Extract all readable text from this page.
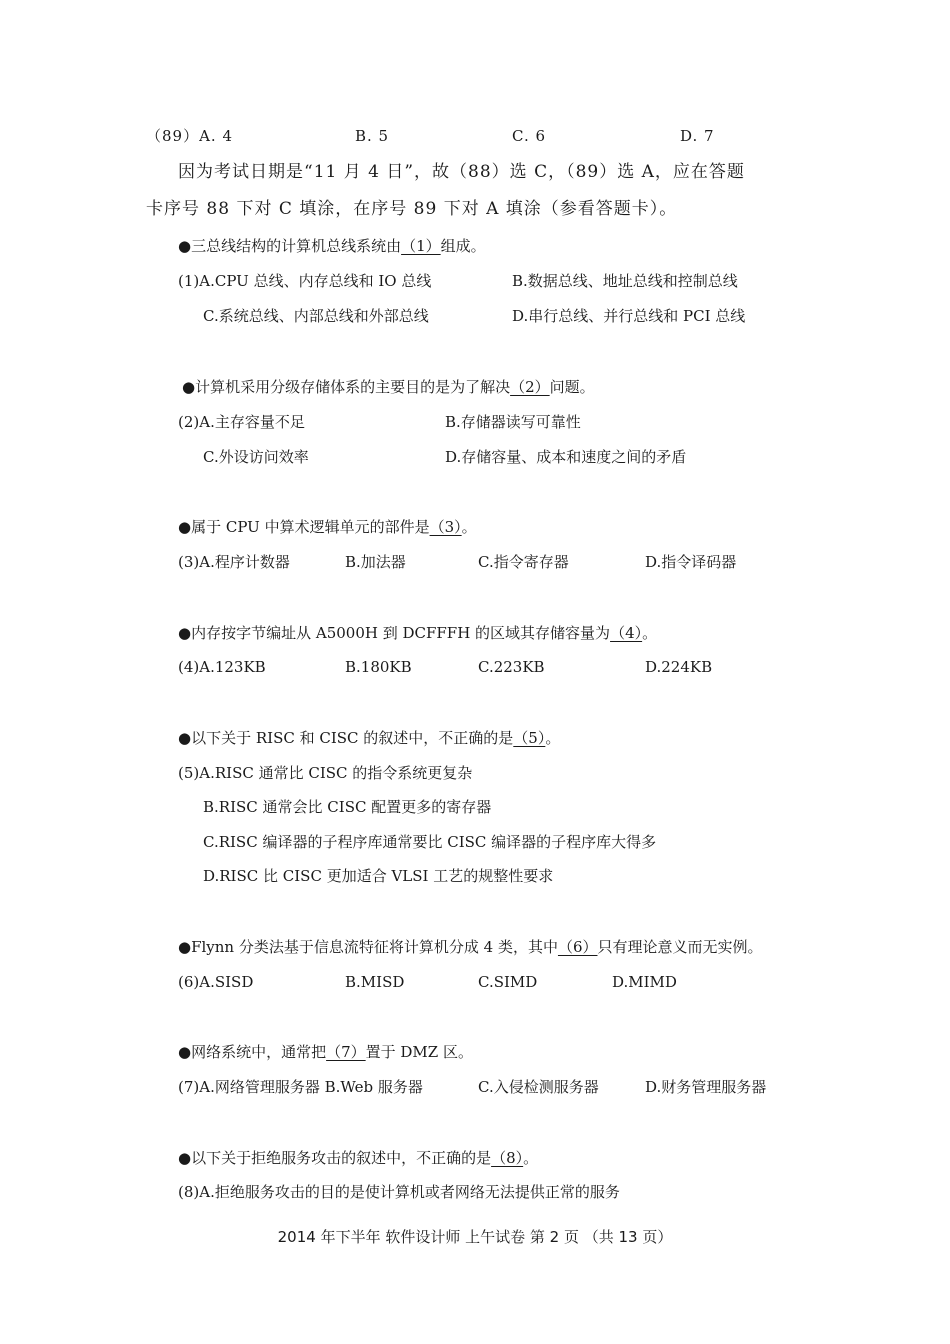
（89）A. 4	B. 5	C. 6	D. 7
因为考试日期是“11 月 4 日”，故（88）选 C，（89）选 A，应在答题
卡序号 88 下对 C 填涂，在序号 89 下对 A 填涂（参看答题卡）。
●三总线结构的计算机总线系统由（1）组成。
(1)A.CPU 总线、内存总线和 IO 总线	B.数据总线、地址总线和控制总线
C.系统总线、内部总线和外部总线	D.串行总线、并行总线和 PCI 总线
●计算机采用分级存储体系的主要目的是为了解决（2）问题。
(2)A.主存容量不足	B.存储器读写可靠性
C.外设访问效率	D.存储容量、成本和速度之间的矛盾
●属于 CPU 中算术逻辑单元的部件是（3）。
(3)A.程序计数器	B.加法器	C.指令寄存器	D.指令译码器
●内存按字节编址从 A5000H 到 DCFFFH 的区域其存储容量为（4）。
(4)A.123KB	B.180KB	C.223KB	D.224KB
●以下关于 RISC 和 CISC 的叙述中，不正确的是（5）。
(5)A.RISC 通常比 CISC 的指令系统更复杂
B.RISC 通常会比 CISC 配置更多的寄存器
C.RISC 编译器的子程序库通常要比 CISC 编译器的子程序库大得多
D.RISC 比 CISC 更加适合 VLSI 工艺的规整性要求
●Flynn 分类法基于信息流特征将计算机分成 4 类，其中（6）只有理论意义而无实例。
(6)A.SISD	B.MISD	C.SIMD	D.MIMD
●网络系统中，通常把（7）置于 DMZ 区。
(7)A.网络管理服务器 B.Web 服务器	C.入侵检测服务器	D.财务管理服务器
●以下关于拒绝服务攻击的叙述中，不正确的是（8）。
(8)A.拒绝服务攻击的目的是使计算机或者网络无法提供正常的服务
2014 年下半年 软件设计师 上午试卷 第 2 页 （共 13 页）
